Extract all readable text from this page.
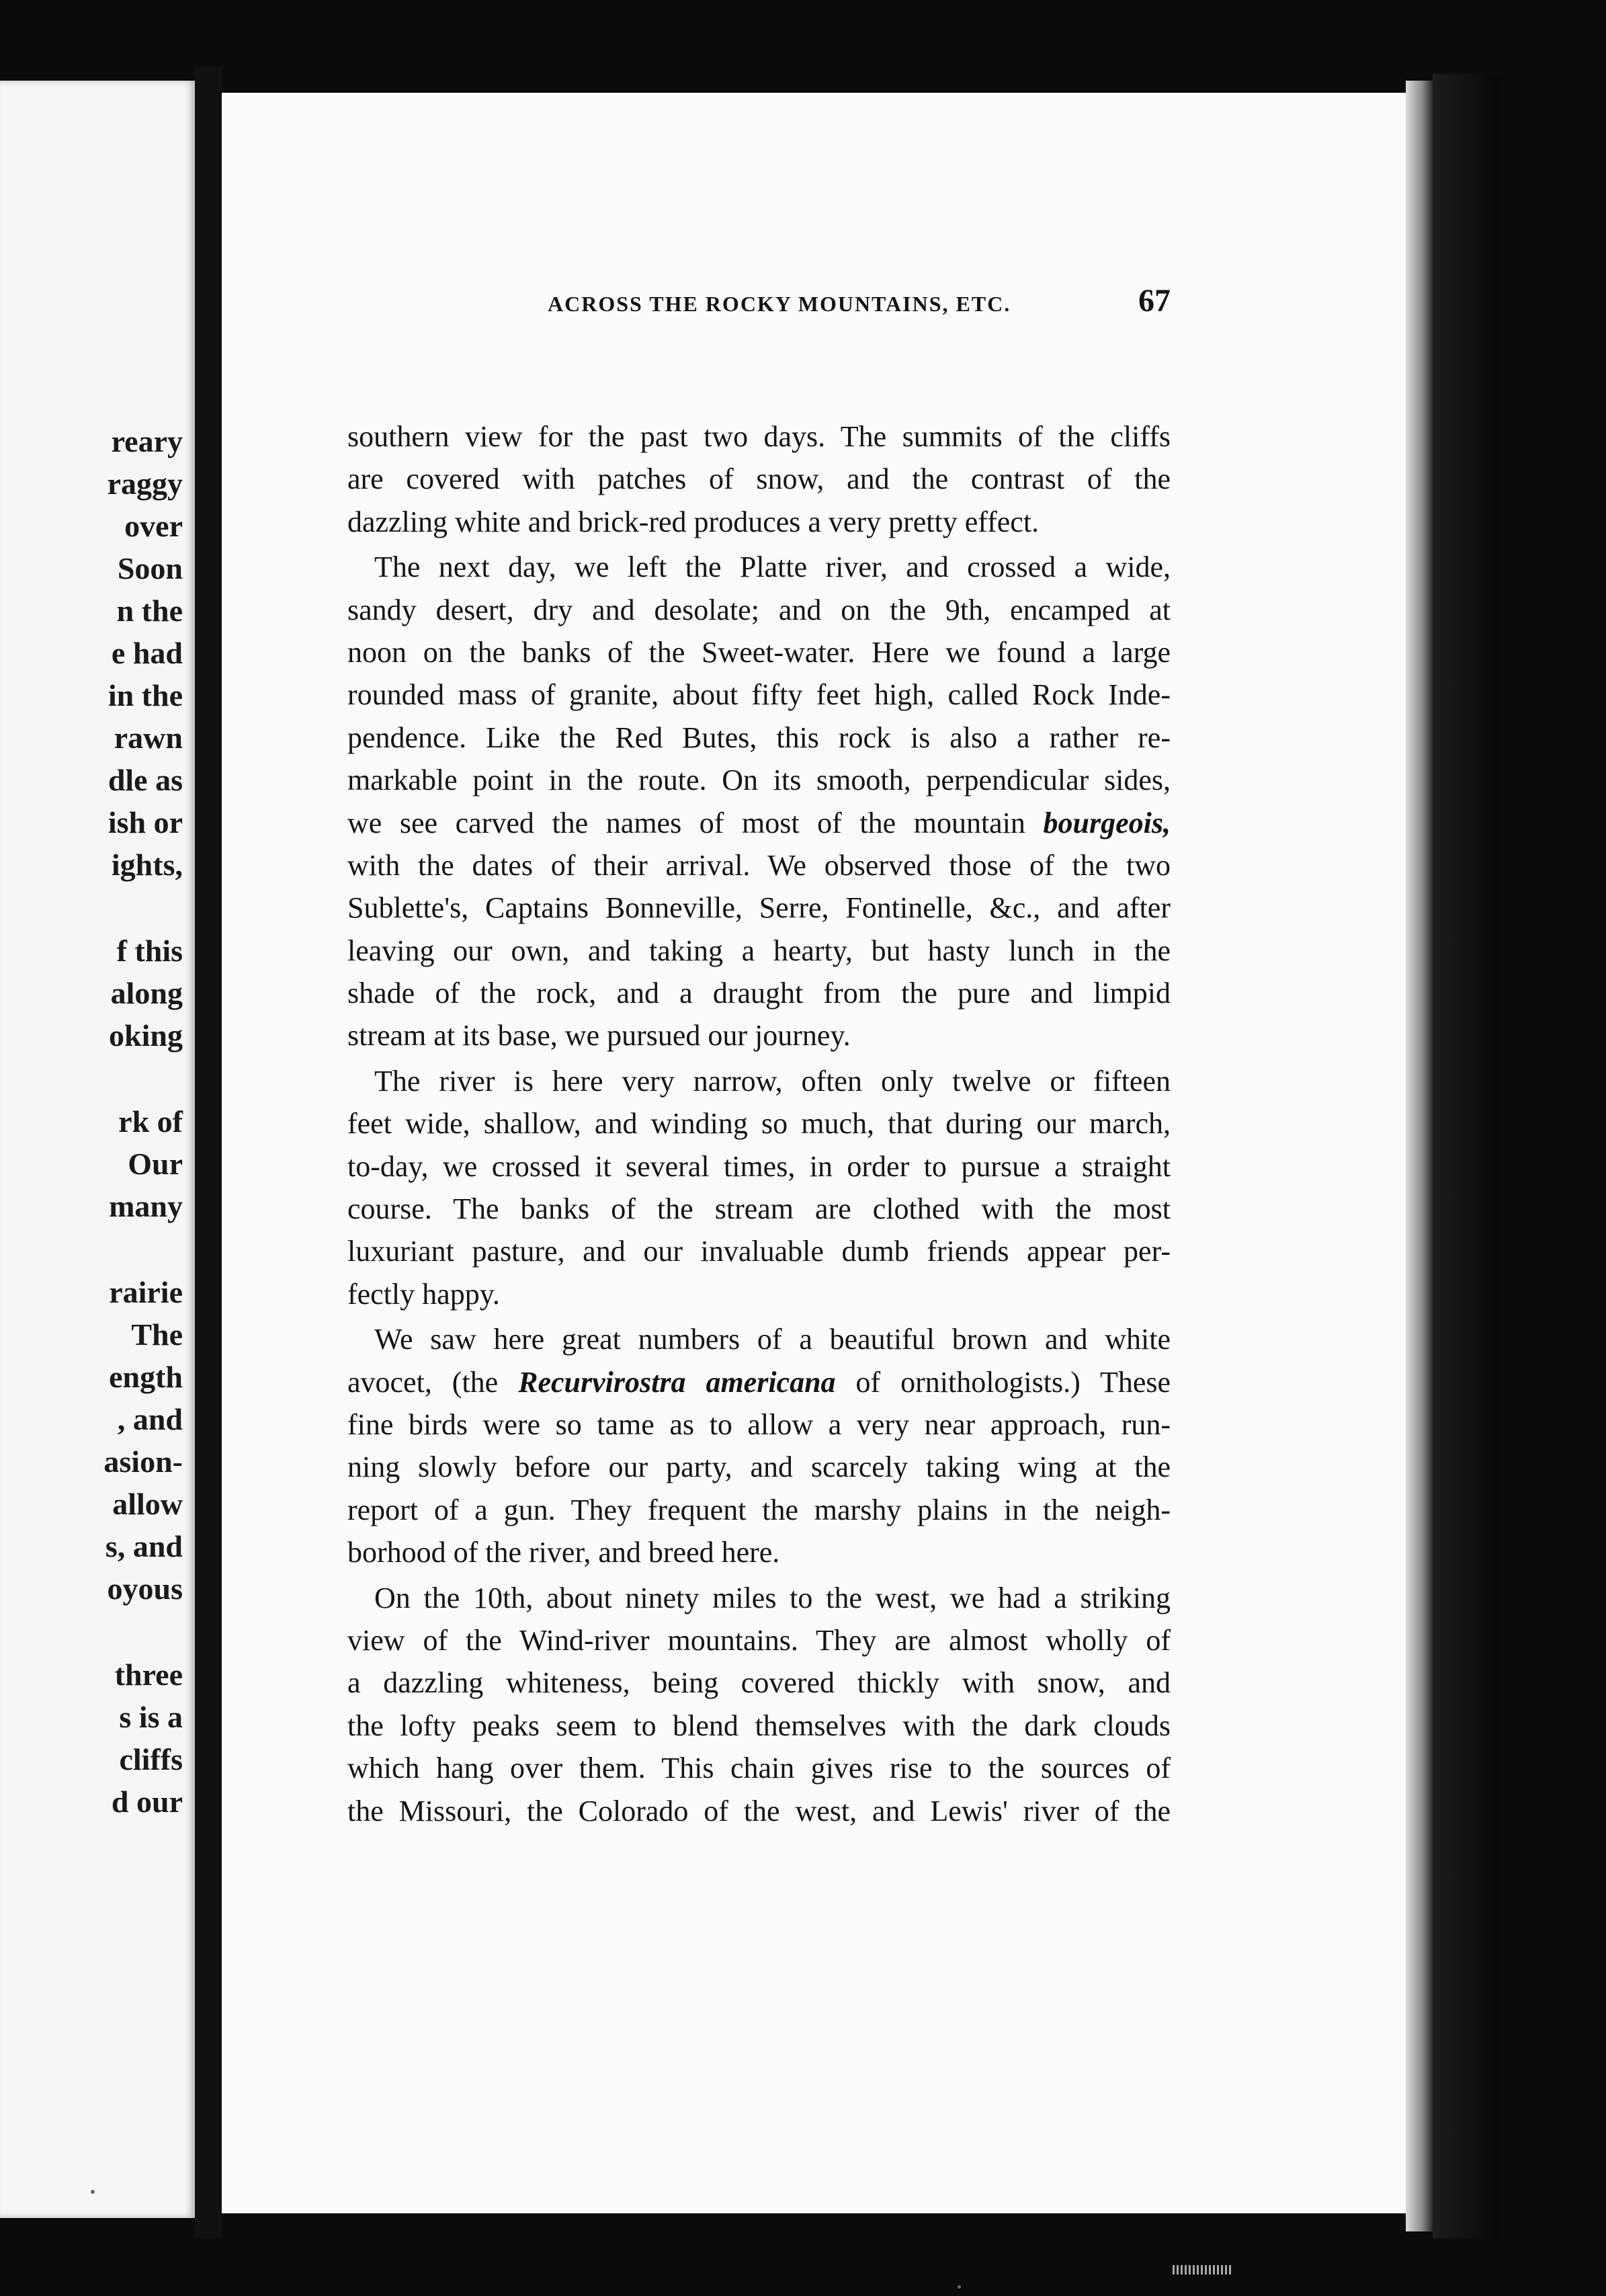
reary
raggy
over
Soon
n the
e had
in the
rawn
dle as
ish or
ights,
f this
along
oking
rk of
Our
many
rairie
The
ength
, and
asion-
allow
s, and
oyous
three
s is a
cliffs
d our
ACROSS THE ROCKY MOUNTAINS, ETC.	67
southern view for the past two days. The summits of the cliffs
are covered with patches of snow, and the contrast of the
dazzling white and brick-red produces a very pretty effect.
The next day, we left the Platte river, and crossed a wide,
sandy desert, dry and desolate; and on the 9th, encamped at
noon on the banks of the Sweet-water. Here we found a large
rounded mass of granite, about fifty feet high, called Rock Inde-
pendence. Like the Red Butes, this rock is also a rather re-
markable point in the route. On its smooth, perpendicular sides,
we see carved the names of most of the mountain bourgeois,
with the dates of their arrival. We observed those of the two
Sublette's, Captains Bonneville, Serre, Fontinelle, &c., and after
leaving our own, and taking a hearty, but hasty lunch in the
shade of the rock, and a draught from the pure and limpid
stream at its base, we pursued our journey.
The river is here very narrow, often only twelve or fifteen
feet wide, shallow, and winding so much, that during our march,
to-day, we crossed it several times, in order to pursue a straight
course. The banks of the stream are clothed with the most
luxuriant pasture, and our invaluable dumb friends appear per-
fectly happy.
We saw here great numbers of a beautiful brown and white
avocet, (the Recurvirostra americana of ornithologists.) These
fine birds were so tame as to allow a very near approach, run-
ning slowly before our party, and scarcely taking wing at the
report of a gun. They frequent the marshy plains in the neigh-
borhood of the river, and breed here.
On the 10th, about ninety miles to the west, we had a striking
view of the Wind-river mountains. They are almost wholly of
a dazzling whiteness, being covered thickly with snow, and
the lofty peaks seem to blend themselves with the dark clouds
which hang over them. This chain gives rise to the sources of
the Missouri, the Colorado of the west, and Lewis' river of the
